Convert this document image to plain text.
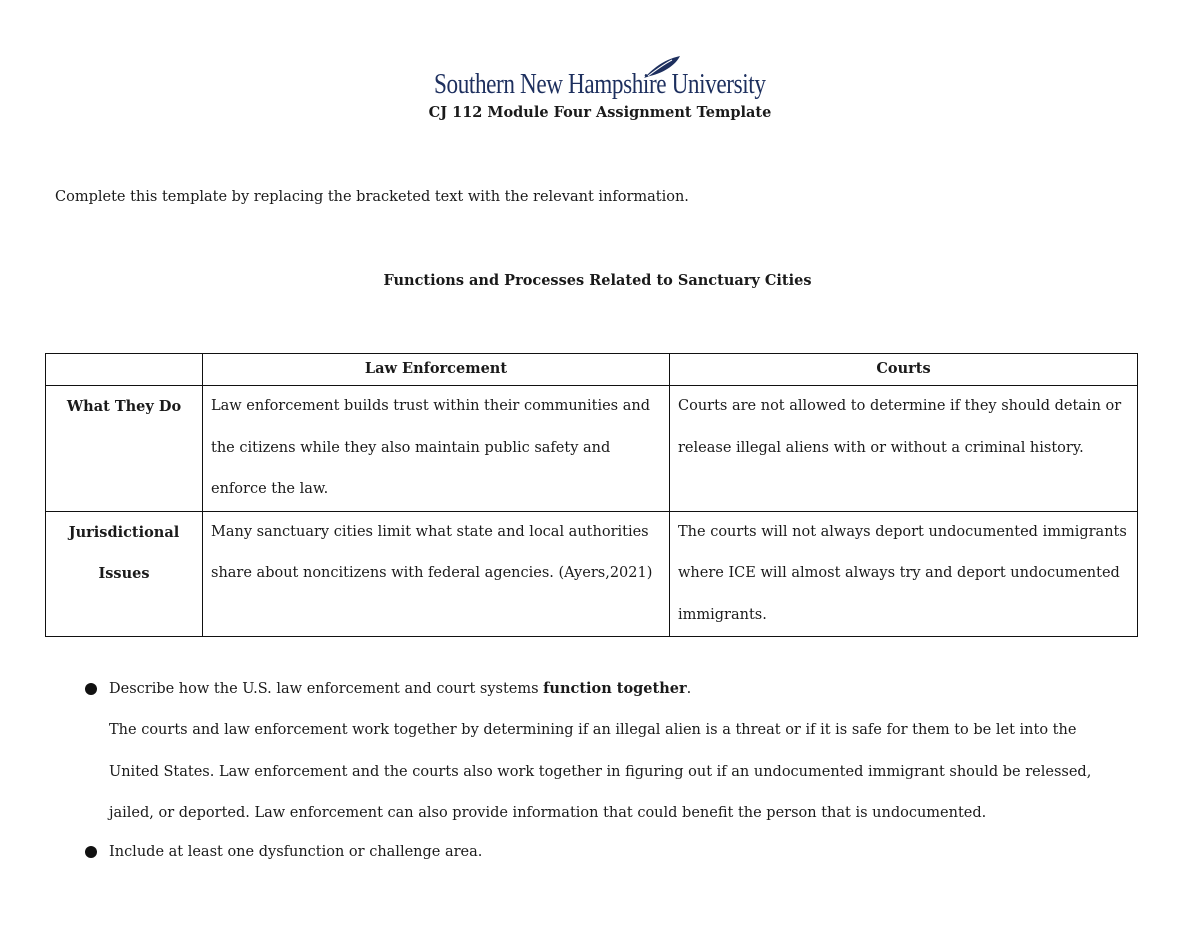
Southern New Hampshire University
CJ 112 Module Four Assignment Template
Complete this template by replacing the bracketed text with the relevant information.
Functions and Processes Related to Sanctuary Cities
	Law Enforcement	Courts
What They Do	Law enforcement builds trust within their communities and the citizens while they also maintain public safety and enforce the law.	Courts are not allowed to determine if they should detain or release illegal aliens with or without a criminal history.
Jurisdictional Issues	Many sanctuary cities limit what state and local authorities share about noncitizens with federal agencies. (Ayers,2021)	The courts will not always deport undocumented immigrants where ICE will almost always try and deport undocumented immigrants.
Describe how the U.S. law enforcement and court systems function together.
The courts and law enforcement work together by determining if an illegal alien is a threat or if it is safe for them to be let into the United States. Law enforcement and the courts also work together in figuring out if an undocumented immigrant should be relessed, jailed, or deported. Law enforcement can also provide information that could benefit the person that is undocumented.
Include at least one dysfunction or challenge area.
